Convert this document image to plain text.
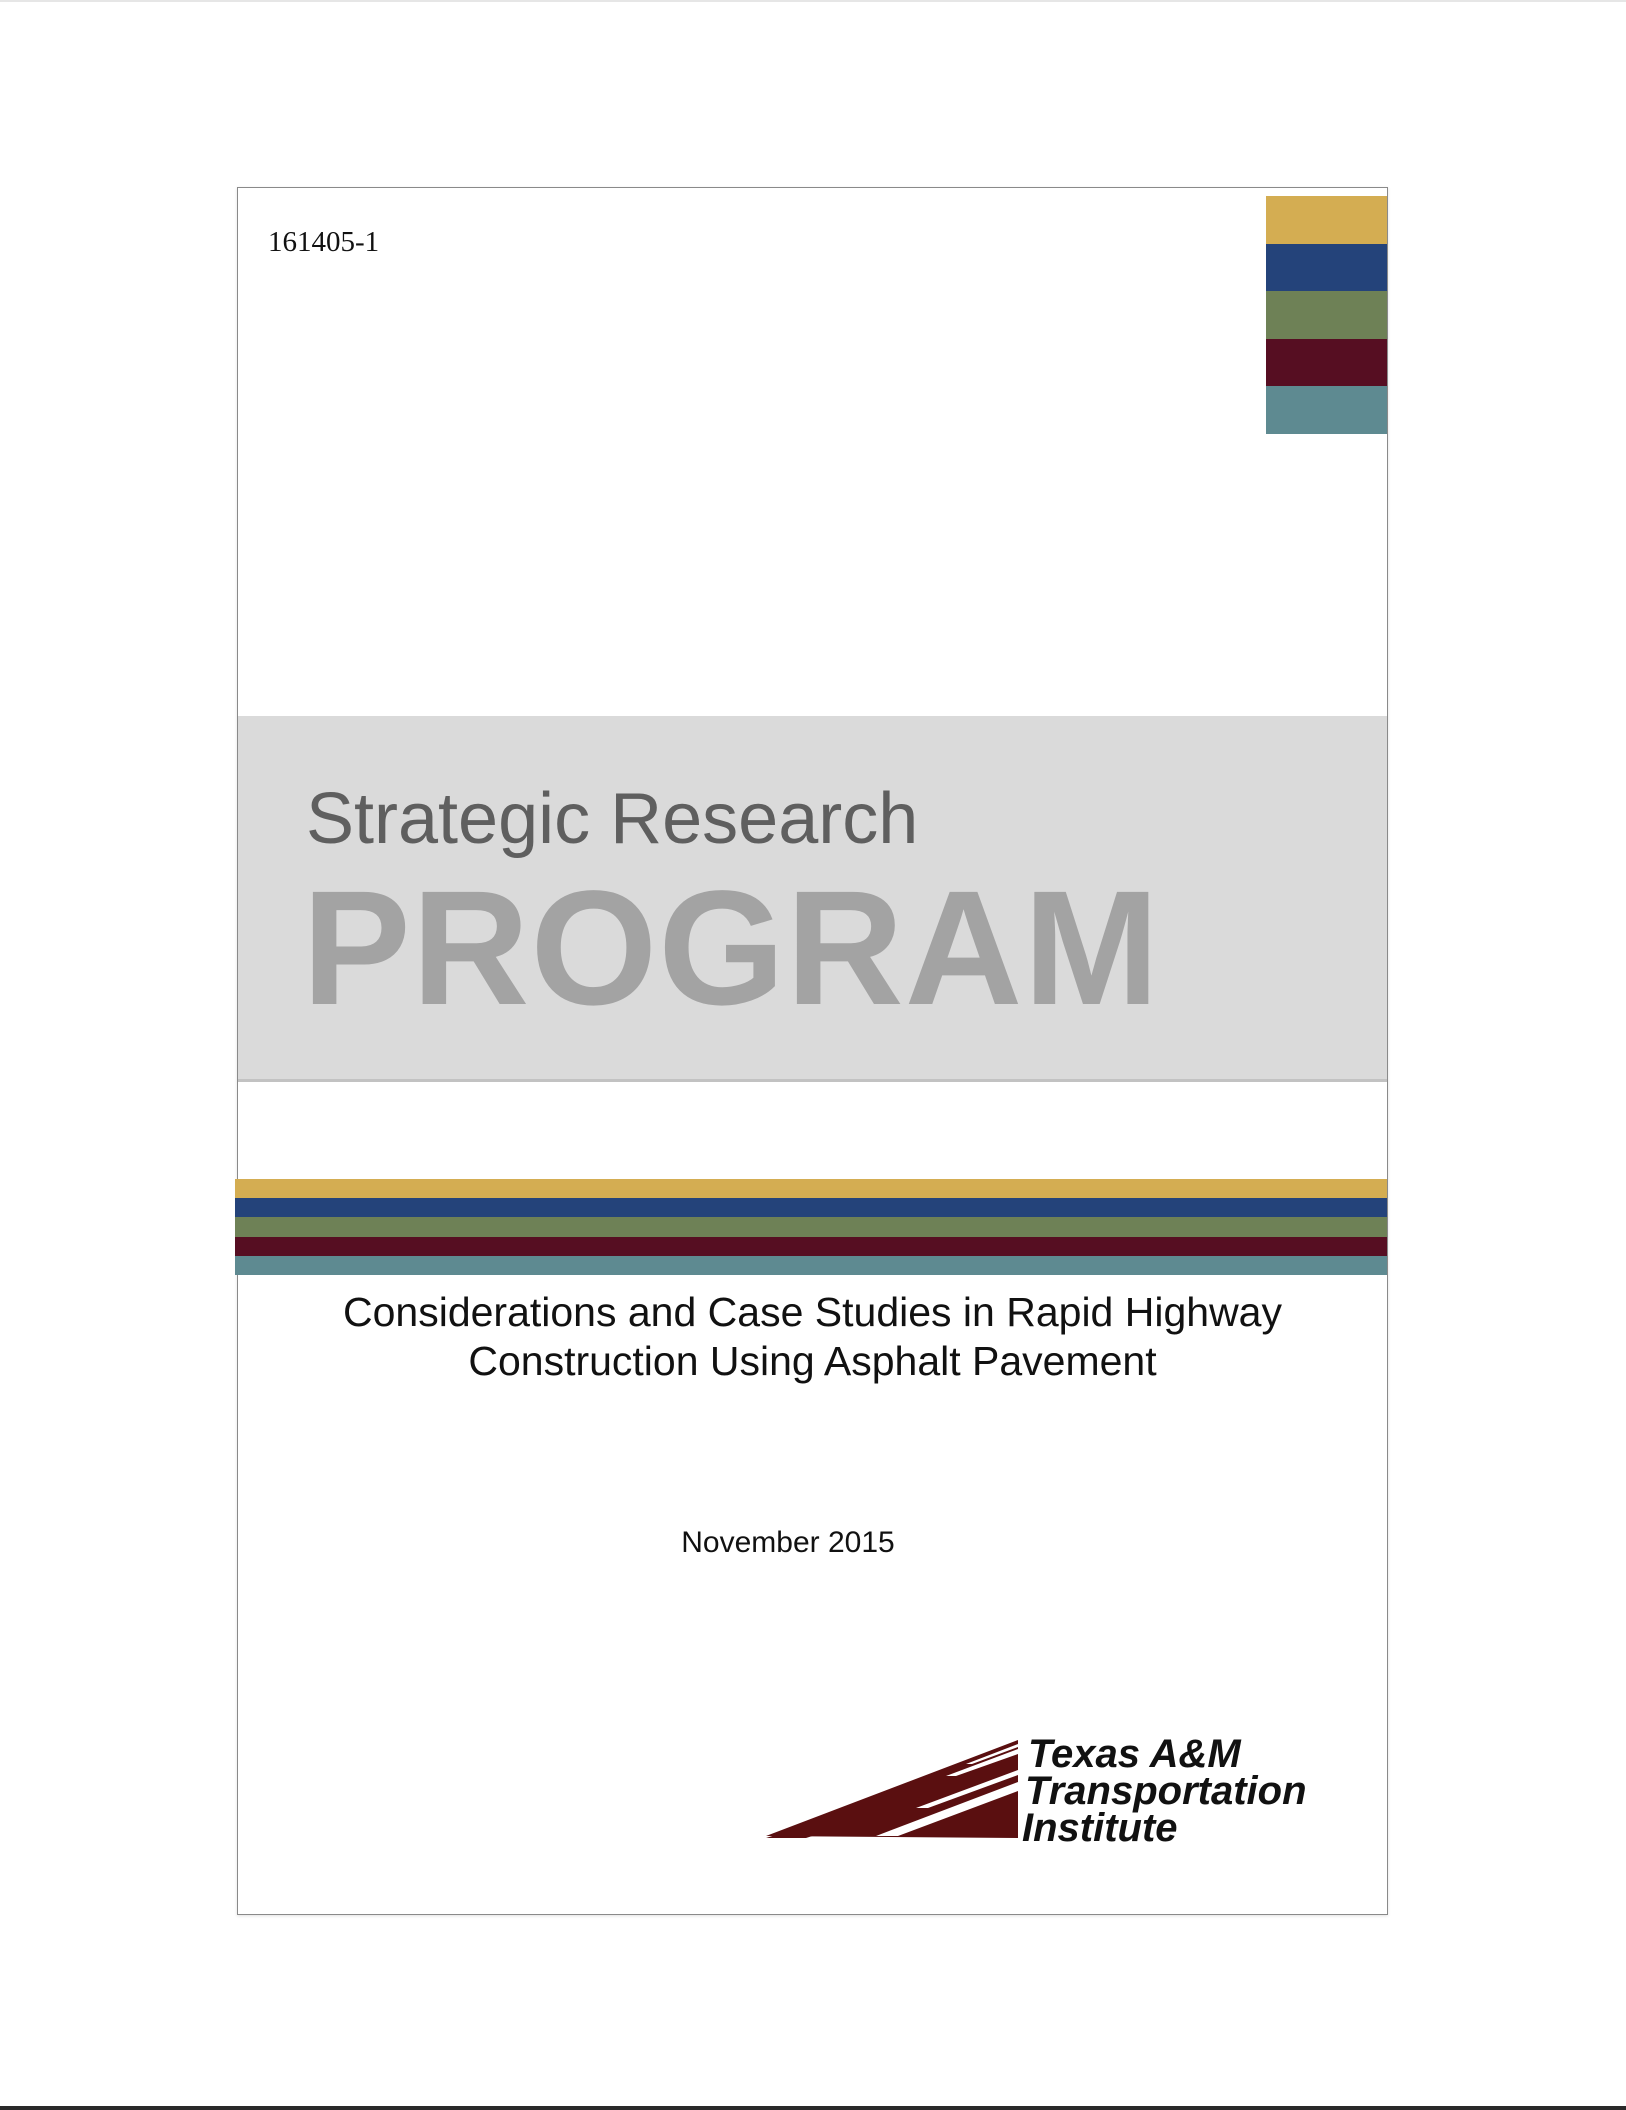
161405-1
Strategic Research
PROGRAM
Considerations and Case Studies in Rapid Highway
Construction Using Asphalt Pavement
November 2015
Texas A&M
Transportation
Institute
